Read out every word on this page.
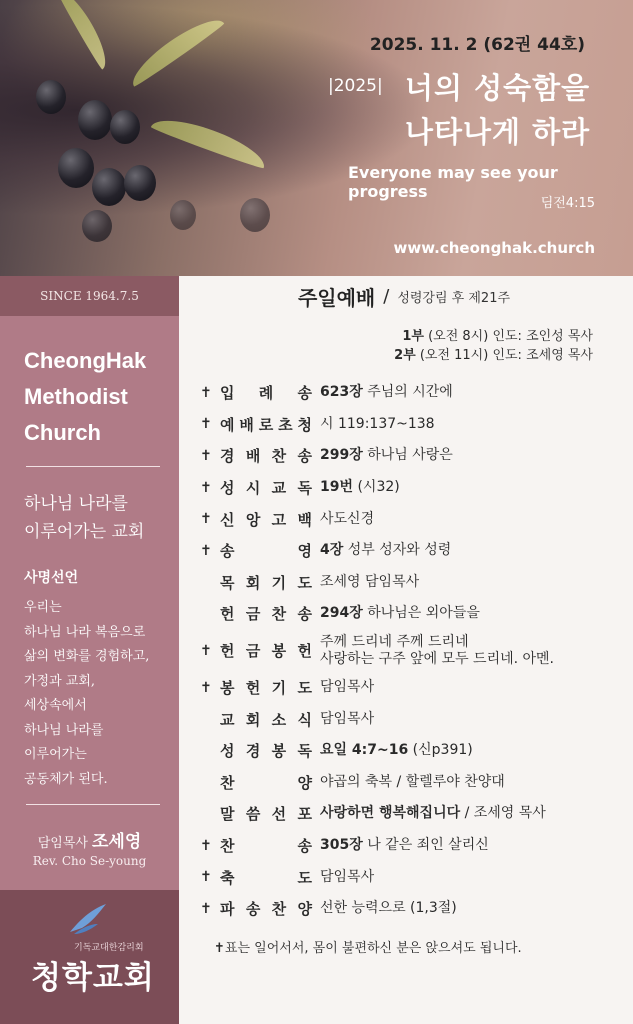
2025. 11. 2 (62권 44호)
|2025| 너의 성숙함을
나타나게 하라
Everyone may see your progress
딤전4:15
www.cheonghak.church
SINCE 1964.7.5
CheongHak
Methodist
Church
하나님 나라를
이루어가는 교회
사명선언
우리는
하나님 나라 복음으로
삶의 변화를 경험하고,
가정과 교회,
세상속에서
하나님 나라를
이루어가는
공동체가 된다.
담임목사 조세영
Rev. Cho Se-young
기독교대한감리회
청학교회
주일예배 / 성령강림 후 제21주
1부 (오전 8시) 인도: 조인성 목사
2부 (오전 11시) 인도: 조세영 목사
✝ 입 례 송 623장 주님의 시간에
✝ 예 배 로 초 청 시 119:137~138
✝ 경 배 찬 송 299장 하나님 사랑은
✝ 성 시 교 독 19번 (시32)
✝ 신 앙 고 백 사도신경
✝ 송	영 4장 성부 성자와 성령
목 회 기 도 조세영 담임목사
헌 금 찬 송 294장 하나님은 외아들을
✝ 헌 금 봉 헌
주께 드리네 주께 드리네
사랑하는 구주 앞에 모두 드리네. 아멘.
✝ 봉 헌 기 도 담임목사
교 회 소 식 담임목사
성 경 봉 독 요일 4:7~16 (신p391)
찬	양 야곱의 축복 / 할렐루야 찬양대
말 씀 선 포 사랑하면 행복해집니다 / 조세영 목사
✝ 찬	송 305장 나 같은 죄인 살리신
✝ 축	도 담임목사
✝ 파 송 찬 양 선한 능력으로 (1,3절)
✝표는 일어서서, 몸이 불편하신 분은 앉으셔도 됩니다.
